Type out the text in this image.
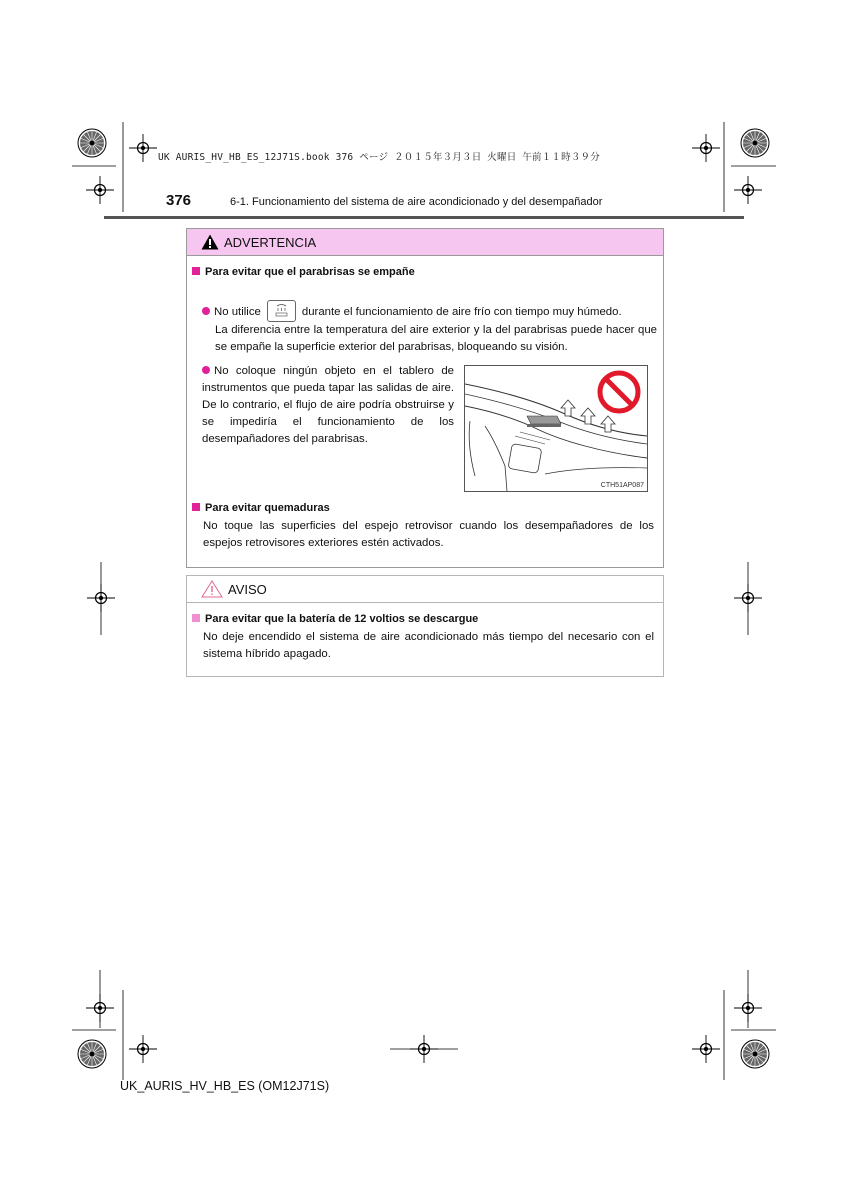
UK AURIS_HV_HB_ES_12J71S.book 376 ページ ２０１５年３月３日 火曜日 午前１１時３９分
376	6-1. Funcionamiento del sistema de aire acondicionado y del desempañador
ADVERTENCIA
Para evitar que el parabrisas se empañe
No utilice	durante el funcionamiento de aire frío con tiempo muy húmedo.
La diferencia entre la temperatura del aire exterior y la del parabrisas puede hacer que se empañe la superficie exterior del parabrisas, bloqueando su visión.
No coloque ningún objeto en el tablero de instrumentos que pueda tapar las salidas de aire. De lo contrario, el flujo de aire podría obstruirse y se impediría el funcionamiento de los desempañadores del parabrisas.
Para evitar quemaduras
No toque las superficies del espejo retrovisor cuando los desempañadores de los espejos retrovisores exteriores estén activados.
CTH51AP087
AVISO
Para evitar que la batería de 12 voltios se descargue
No deje encendido el sistema de aire acondicionado más tiempo del necesario con el sistema híbrido apagado.
UK_AURIS_HV_HB_ES (OM12J71S)
